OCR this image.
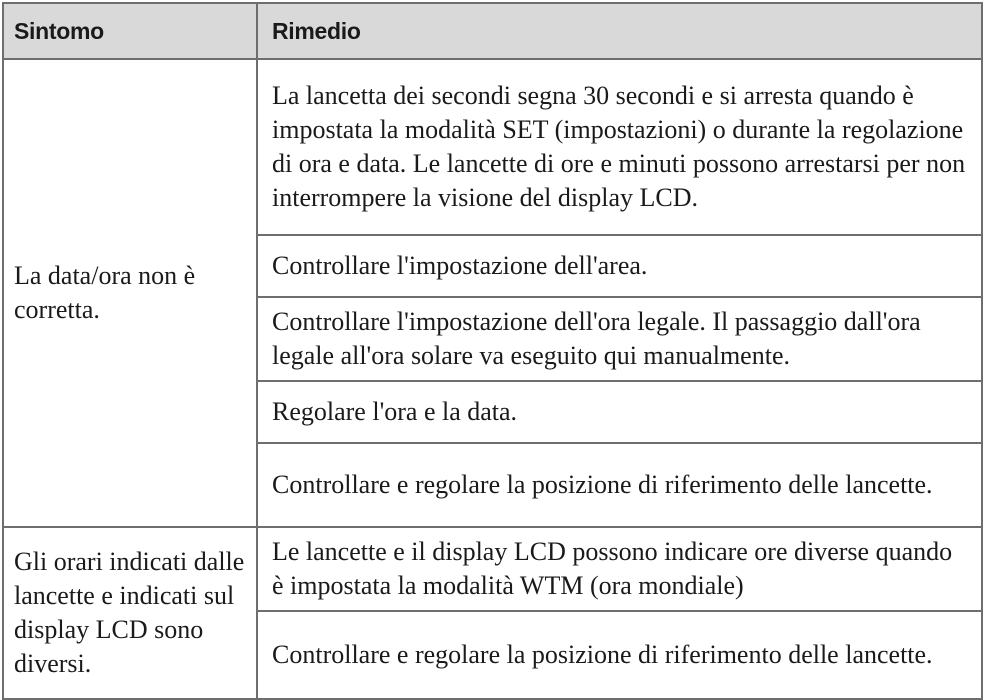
Sintomo	Rimedio
La data/ora non è corretta.	La lancetta dei secondi segna 30 secondi e si arresta quando è impostata la modalità SET (impostazioni) o durante la regolazione di ora e data. Le lancette di ore e minuti possono arrestarsi per non interrompere la visione del display LCD.
	Controllare l'impostazione dell'area.
	Controllare l'impostazione dell'ora legale. Il passaggio dall'ora legale all'ora solare va eseguito qui manualmente.
	Regolare l'ora e la data.
	Controllare e regolare la posizione di riferimento delle lancette.
Gli orari indicati dalle lancette e indicati sul display LCD sono diversi.	Le lancette e il display LCD possono indicare ore diverse quando è impostata la modalità WTM (ora mondiale)
	Controllare e regolare la posizione di riferimento delle lancette.
